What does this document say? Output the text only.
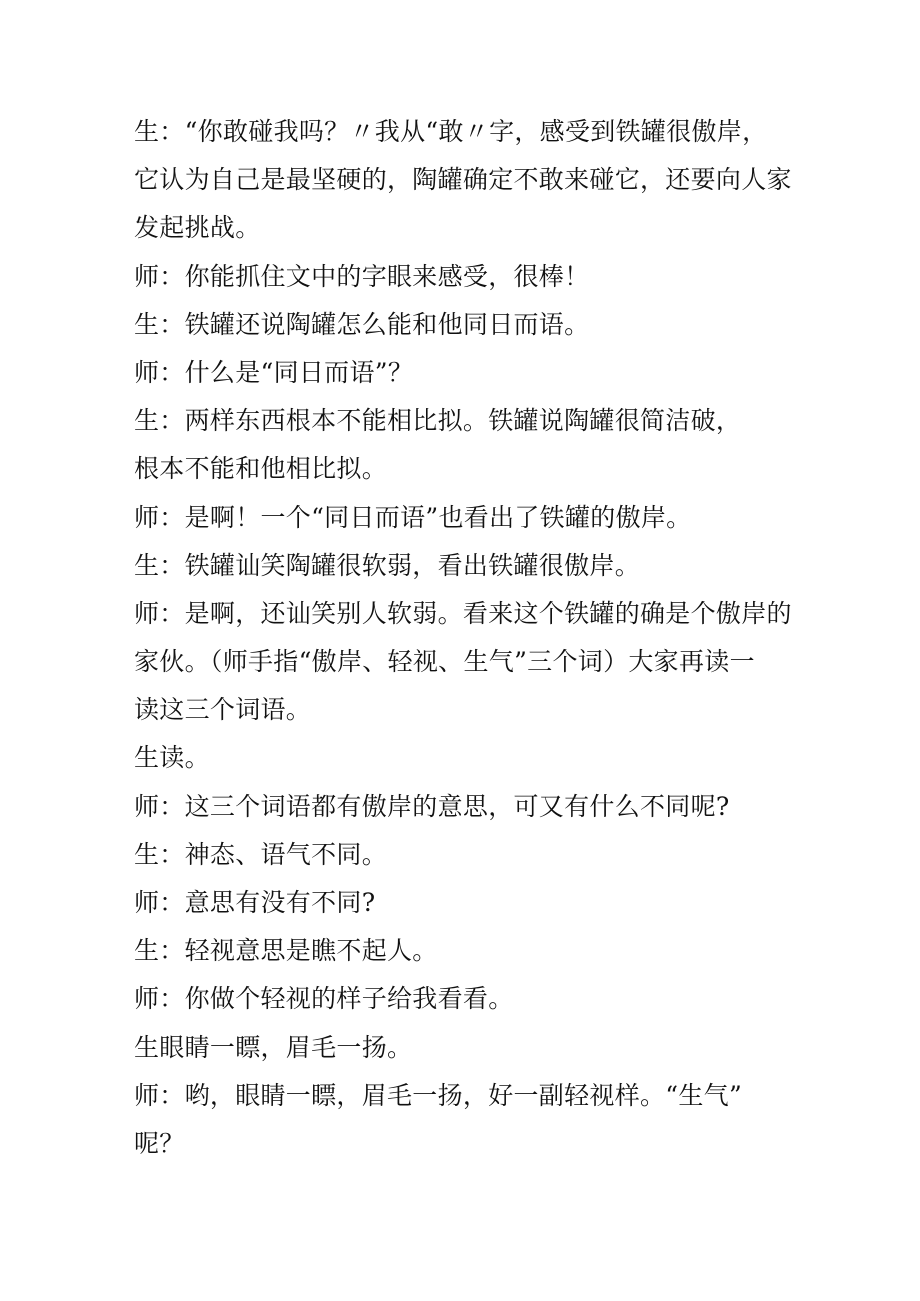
生：“你敢碰我吗？〃我从“敢〃字，感受到铁罐很傲岸，
它认为自己是最坚硬的，陶罐确定不敢来碰它，还要向人家
发起挑战。
师：你能抓住文中的字眼来感受，很棒！
生：铁罐还说陶罐怎么能和他同日而语。
师：什么是“同日而语”？
生：两样东西根本不能相比拟。铁罐说陶罐很简洁破，
根本不能和他相比拟。
师：是啊！一个“同日而语”也看出了铁罐的傲岸。
生：铁罐讪笑陶罐很软弱，看出铁罐很傲岸。
师：是啊，还讪笑别人软弱。看来这个铁罐的确是个傲岸的
家伙。（师手指“傲岸、轻视、生气”三个词）大家再读一
读这三个词语。
生读。
师：这三个词语都有傲岸的意思，可又有什么不同呢?
生：神态、语气不同。
师：意思有没有不同?
生：轻视意思是瞧不起人。
师：你做个轻视的样子给我看看。
生眼睛一瞟，眉毛一扬。
师：哟，眼睛一瞟，眉毛一扬，好一副轻视样。“生气”
呢？
